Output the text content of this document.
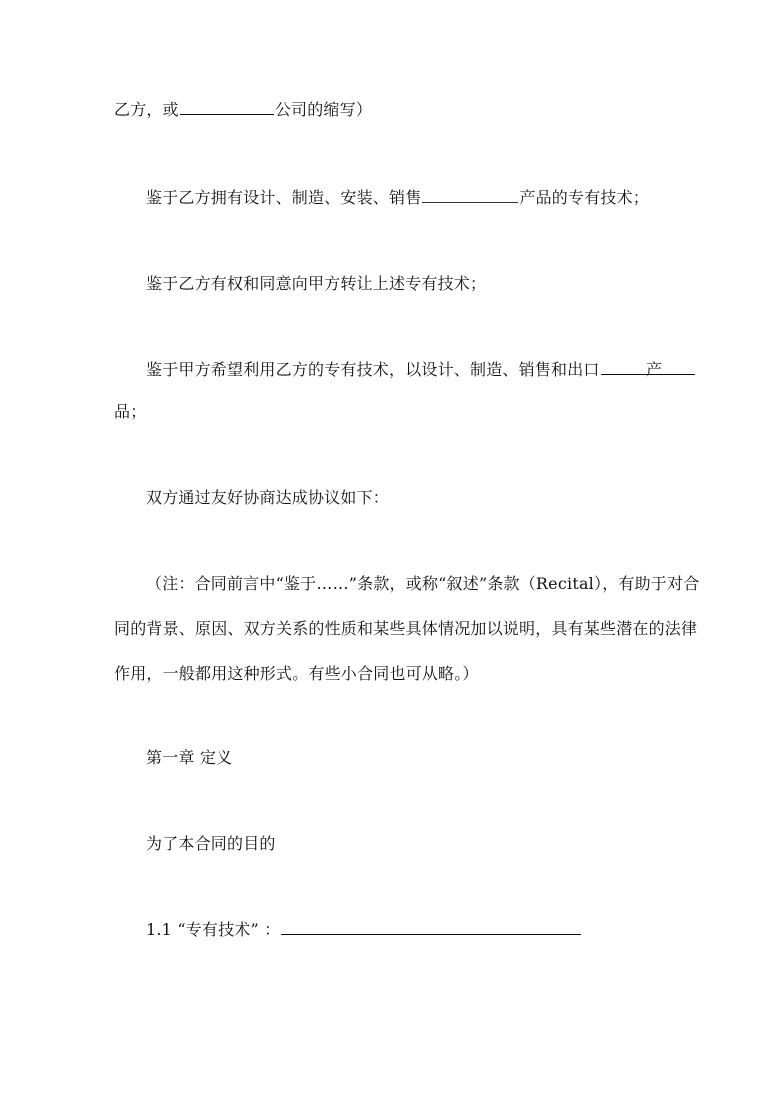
乙方，或	公司的缩写）
鉴于乙方拥有设计、制造、安装、销售	产品的专有技术；
鉴于乙方有权和同意向甲方转让上述专有技术；
鉴于甲方希望利用乙方的专有技术，以设计、制造、销售和出口	产
品；
双方通过友好协商达成协议如下：
（注：合同前言中“鉴于……”条款，或称“叙述”条款（Recital），有助于对合
同的背景、原因、双方关系的性质和某些具体情况加以说明，具有某些潜在的法律
作用，一般都用这种形式。有些小合同也可从略。）
第一章 定义
为了本合同的目的
1.1 “专有技术” ：
